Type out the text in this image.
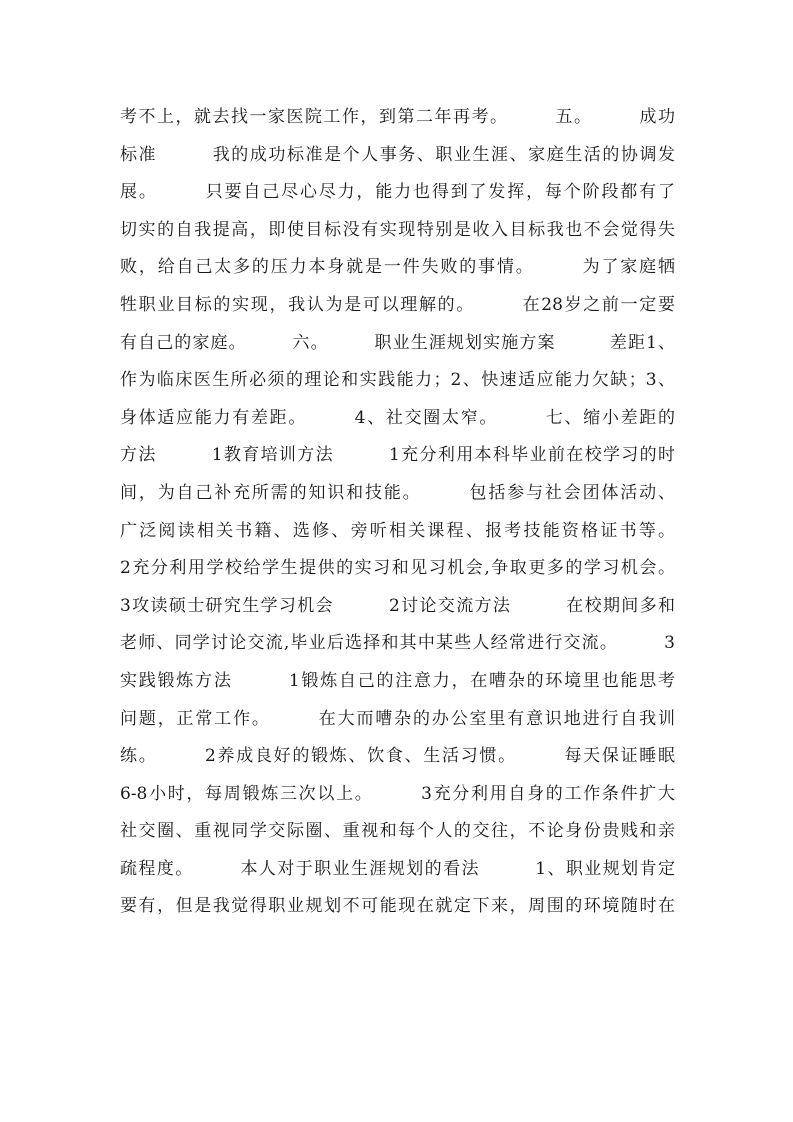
考不上，就去找一家医院工作，到第二年再考。　　　五。　　　成功
标准　　　我的成功标准是个人事务、职业生涯、家庭生活的协调发
展。　　　只要自己尽心尽力，能力也得到了发挥，每个阶段都有了
切实的自我提高，即使目标没有实现特别是收入目标我也不会觉得失
败，给自己太多的压力本身就是一件失败的事情。　　　为了家庭牺
牲职业目标的实现，我认为是可以理解的。　　　在28岁之前一定要
有自己的家庭。　　　六。　　　职业生涯规划实施方案　　　差距1、
作为临床医生所必须的理论和实践能力；2、快速适应能力欠缺；3、
身体适应能力有差距。　　　4、社交圈太窄。　　　七、缩小差距的
方法　　　1教育培训方法　　　1充分利用本科毕业前在校学习的时
间，为自己补充所需的知识和技能。　　　包括参与社会团体活动、
广泛阅读相关书籍、选修、旁听相关课程、报考技能资格证书等。
2充分利用学校给学生提供的实习和见习机会,争取更多的学习机会。
3攻读硕士研究生学习机会　　　2讨论交流方法　　　在校期间多和
老师、同学讨论交流,毕业后选择和其中某些人经常进行交流。　　　3
实践锻炼方法　　　1锻炼自己的注意力，在嘈杂的环境里也能思考
问题，正常工作。　　　在大而嘈杂的办公室里有意识地进行自我训
练。　　　2养成良好的锻炼、饮食、生活习惯。　　　每天保证睡眠
6-8小时，每周锻炼三次以上。　　　3充分利用自身的工作条件扩大
社交圈、重视同学交际圈、重视和每个人的交往，不论身份贵贱和亲
疏程度。　　　本人对于职业生涯规划的看法　　　1、职业规划肯定
要有，但是我觉得职业规划不可能现在就定下来，周围的环境随时在
